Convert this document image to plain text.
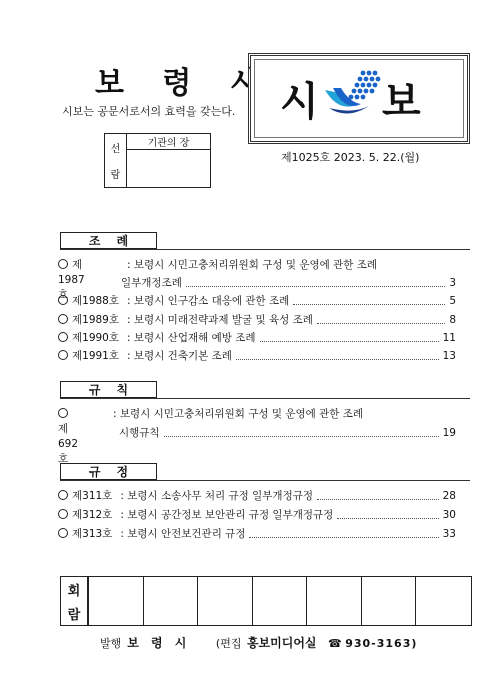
보 령 시
시보는 공문서로서의 효력을 갖는다.
선
람
기관의 장
시 보
제1025호 2023. 5. 22.(월)
조례
제1987호
: 보령시 시민고충처리위원회 구성 및 운영에 관한 조례
일부개정조례	3
제1988호 : 보령시 인구감소 대응에 관한 조례	5
제1989호 : 보령시 미래전략과제 발굴 및 육성 조례	8
제1990호 : 보령시 산업재해 예방 조례	11
제1991호 : 보령시 건축기본 조례	13
규칙
제692호
: 보령시 시민고충처리위원회 구성 및 운영에 관한 조례
시행규칙	19
규정
제311호 : 보령시 소송사무 처리 규정 일부개정규정	28
제312호 : 보령시 공간정보 보안관리 규정 일부개정규정	30
제313호 : 보령시 안전보건관리 규정	33
회
람
발행 보 령 시 (편집 홍보미디어실 ☎ 930-3163)
